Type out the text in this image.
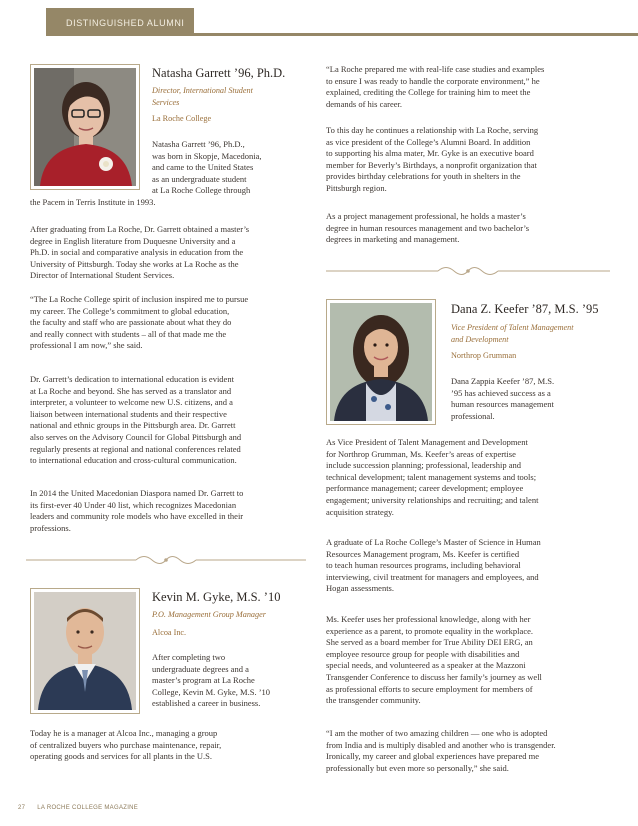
DISTINGUISHED ALUMNI
Natasha Garrett ’96, Ph.D.
Director, International Student
Services
La Roche College
Natasha Garrett ’96, Ph.D.,
was born in Skopje, Macedonia,
and came to the United States
as an undergraduate student
at La Roche College through
the Pacem in Terris Institute in 1993.
After graduating from La Roche, Dr. Garrett obtained a master’s
degree in English literature from Duquesne University and a
Ph.D. in social and comparative analysis in education from the
University of Pittsburgh. Today she works at La Roche as the
Director of International Student Services.
“The La Roche College spirit of inclusion inspired me to pursue
my career. The College’s commitment to global education,
the faculty and staff who are passionate about what they do
and really connect with students – all of that made me the
professional I am now,” she said.
Dr. Garrett’s dedication to international education is evident
at La Roche and beyond. She has served as a translator and
interpreter, a volunteer to welcome new U.S. citizens, and a
liaison between international students and their respective
national and ethnic groups in the Pittsburgh area. Dr. Garrett
also serves on the Advisory Council for Global Pittsburgh and
regularly presents at regional and national conferences related
to international education and cross-cultural communication.
In 2014 the United Macedonian Diaspora named Dr. Garrett to
its first-ever 40 Under 40 list, which recognizes Macedonian
leaders and community role models who have excelled in their
professions.
Kevin M. Gyke, M.S. ’10
P.O. Management Group Manager
Alcoa Inc.
After completing two
undergraduate degrees and a
master’s program at La Roche
College, Kevin M. Gyke, M.S. ’10
established a career in business.
Today he is a manager at Alcoa Inc., managing a group
of centralized buyers who purchase maintenance, repair,
operating goods and services for all plants in the U.S.
“La Roche prepared me with real-life case studies and examples
to ensure I was ready to handle the corporate environment,” he
explained, crediting the College for training him to meet the
demands of his career.
To this day he continues a relationship with La Roche, serving
as vice president of the College’s Alumni Board. In addition
to supporting his alma mater, Mr. Gyke is an executive board
member for Beverly’s Birthdays, a nonprofit organization that
provides birthday celebrations for youth in shelters in the
Pittsburgh region.
As a project management professional, he holds a master’s
degree in human resources management and two bachelor’s
degrees in marketing and management.
Dana Z. Keefer ’87, M.S. ’95
Vice President of Talent Management
and Development
Northrop Grumman
Dana Zappia Keefer ’87, M.S.
’95 has achieved success as a
human resources management
professional.
As Vice President of Talent Management and Development
for Northrop Grumman, Ms. Keefer’s areas of expertise
include succession planning; professional, leadership and
technical development; talent management systems and tools;
performance management; career development; employee
engagement; university relationships and recruiting; and talent
acquisition strategy.
A graduate of La Roche College’s Master of Science in Human
Resources Management program, Ms. Keefer is certified
to teach human resources programs, including behavioral
interviewing, civil treatment for managers and employees, and
Hogan assessments.
Ms. Keefer uses her professional knowledge, along with her
experience as a parent, to promote equality in the workplace.
She served as a board member for True Ability DEI ERG, an
employee resource group for people with disabilities and
special needs, and volunteered as a speaker at the Mazzoni
Transgender Conference to discuss her family’s journey as well
as professional efforts to secure employment for members of
the transgender community.
“I am the mother of two amazing children — one who is adopted
from India and is multiply disabled and another who is transgender.
Ironically, my career and global experiences have prepared me
professionally but even more so personally,” she said.
27 LA ROCHE COLLEGE MAGAZINE
